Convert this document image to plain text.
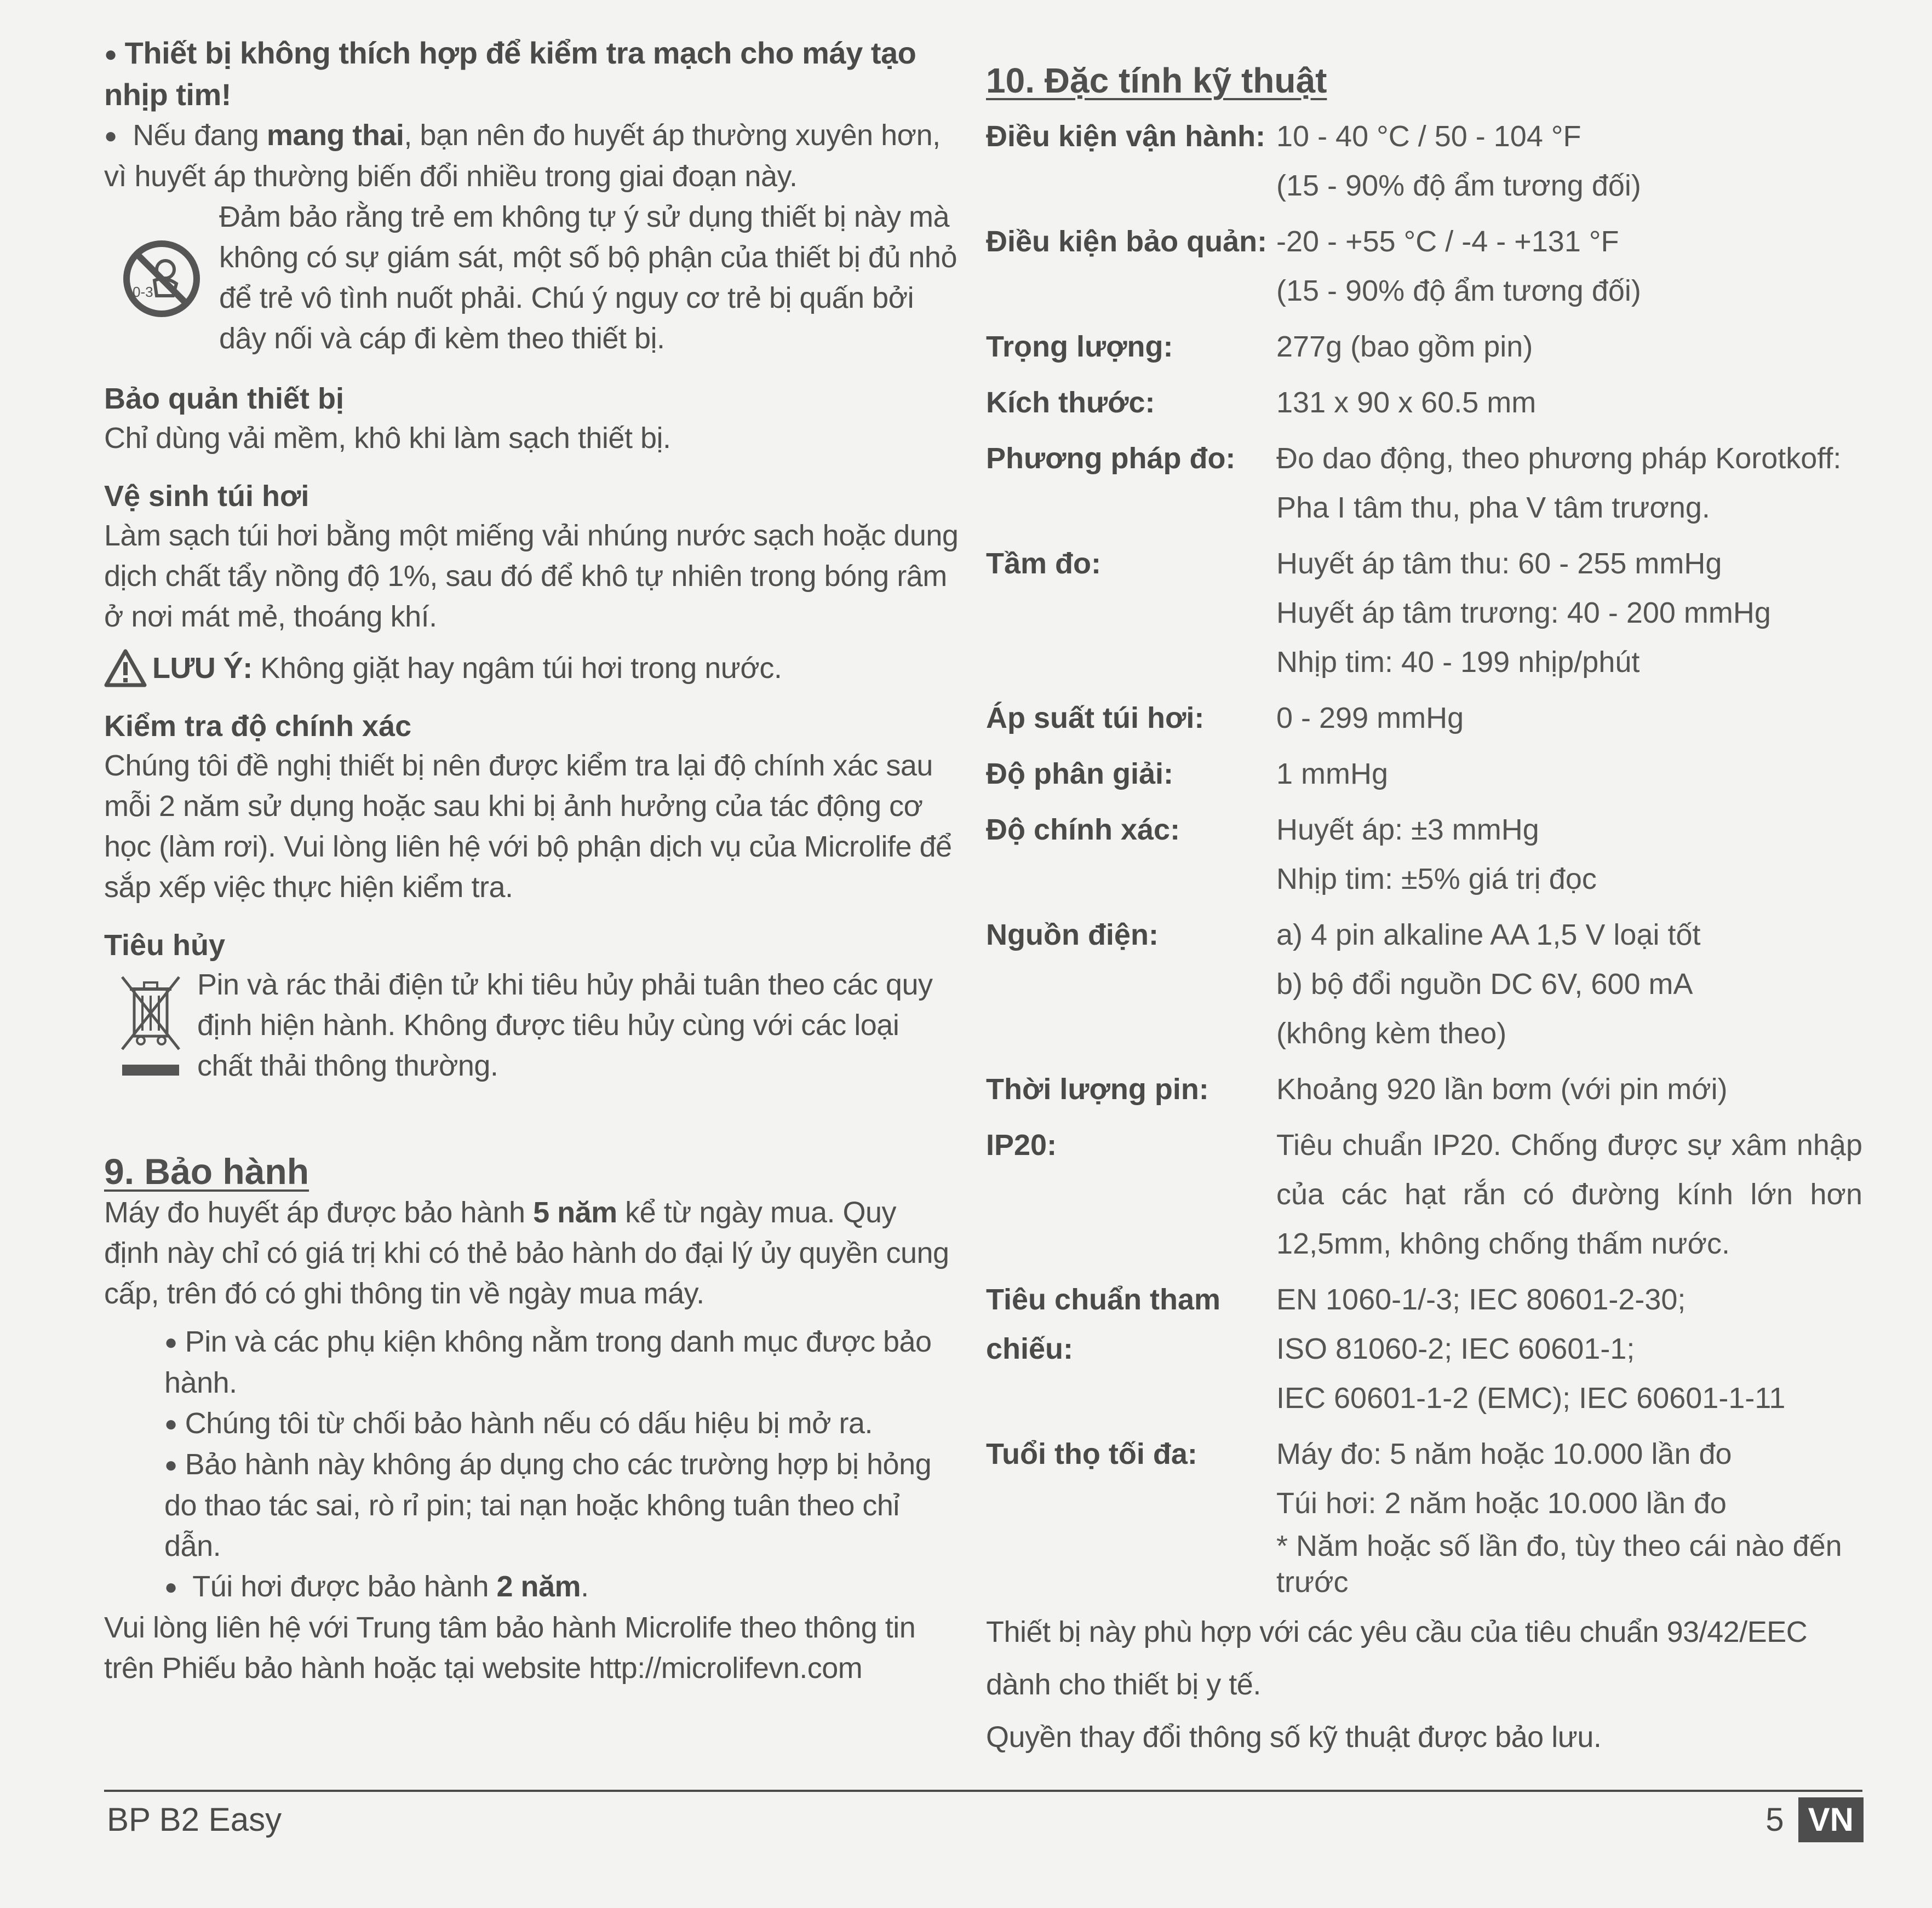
● Thiết bị không thích hợp để kiểm tra mạch cho máy tạo nhịp tim!

● Nếu đang mang thai, bạn nên đo huyết áp thường xuyên hơn, vì huyết áp thường biến đổi nhiều trong giai đoạn này.

0-3

Đảm bảo rằng trẻ em không tự ý sử dụng thiết bị này mà không có sự giám sát, một số bộ phận của thiết bị đủ nhỏ để trẻ vô tình nuốt phải. Chú ý nguy cơ trẻ bị quấn bởi dây nối và cáp đi kèm theo thiết bị.

Bảo quản thiết bị

Chỉ dùng vải mềm, khô khi làm sạch thiết bị.

Vệ sinh túi hơi

Làm sạch túi hơi bằng một miếng vải nhúng nước sạch hoặc dung dịch chất tẩy nồng độ 1%, sau đó để khô tự nhiên trong bóng râm ở nơi mát mẻ, thoáng khí.

LƯU Ý: Không giặt hay ngâm túi hơi trong nước.

Kiểm tra độ chính xác

Chúng tôi đề nghị thiết bị nên được kiểm tra lại độ chính xác sau mỗi 2 năm sử dụng hoặc sau khi bị ảnh hưởng của tác động cơ học (làm rơi). Vui lòng liên hệ với bộ phận dịch vụ của Microlife để sắp xếp việc thực hiện kiểm tra.

Tiêu hủy

Pin và rác thải điện tử khi tiêu hủy phải tuân theo các quy định hiện hành. Không được tiêu hủy cùng với các loại chất thải thông thường.

9. Bảo hành

Máy đo huyết áp được bảo hành 5 năm kể từ ngày mua. Quy định này chỉ có giá trị khi có thẻ bảo hành do đại lý ủy quyền cung cấp, trên đó có ghi thông tin về ngày mua máy.

● Pin và các phụ kiện không nằm trong danh mục được bảo hành.

● Chúng tôi từ chối bảo hành nếu có dấu hiệu bị mở ra.

● Bảo hành này không áp dụng cho các trường hợp bị hỏng do thao tác sai, rò rỉ pin; tai nạn hoặc không tuân theo chỉ dẫn.

● Túi hơi được bảo hành 2 năm.

Vui lòng liên hệ với Trung tâm bảo hành Microlife theo thông tin trên Phiếu bảo hành hoặc tại website http://microlifevn.com

10. Đặc tính kỹ thuật

Điều kiện vận hành: 10 - 40 °C / 50 - 104 °F
(15 - 90% độ ẩm tương đối)
Điều kiện bảo quản: -20 - +55 °C / -4 - +131 °F
(15 - 90% độ ẩm tương đối)
Trọng lượng:	277g (bao gồm pin)
Kích thước:	131 x 90 x 60.5 mm
Phương pháp đo:	Đo dao động, theo phương pháp Korotkoff:
Pha I tâm thu, pha V tâm trương.
Tầm đo:	Huyết áp tâm thu: 60 - 255 mmHg
Huyết áp tâm trương: 40 - 200 mmHg
Nhịp tim: 40 - 199 nhịp/phút
Áp suất túi hơi:	0 - 299 mmHg
Độ phân giải:	1 mmHg
Độ chính xác:	Huyết áp: ±3 mmHg
Nhịp tim: ±5% giá trị đọc
Nguồn điện:	a) 4 pin alkaline AA 1,5 V loại tốt
b) bộ đổi nguồn DC 6V, 600 mA
(không kèm theo)
Thời lượng pin:	Khoảng 920 lần bơm (với pin mới)
IP20:	Tiêu chuẩn IP20. Chống được sự xâm nhập của các hạt rắn có đường kính lớn hơn 12,5mm, không chống thấm nước.
Tiêu chuẩn tham chiếu:
EN 1060-1/-3; IEC 80601-2-30;
ISO 81060-2; IEC 60601-1;
IEC 60601-1-2 (EMC); IEC 60601-1-11
Tuổi thọ tối đa:	Máy đo: 5 năm hoặc 10.000 lần đo
Túi hơi: 2 năm hoặc 10.000 lần đo
* Năm hoặc số lần đo, tùy theo cái nào đến trước

Thiết bị này phù hợp với các yêu cầu của tiêu chuẩn 93/42/EEC dành cho thiết bị y tế.

Quyền thay đổi thông số kỹ thuật được bảo lưu.

BP B2 Easy	5 VN
